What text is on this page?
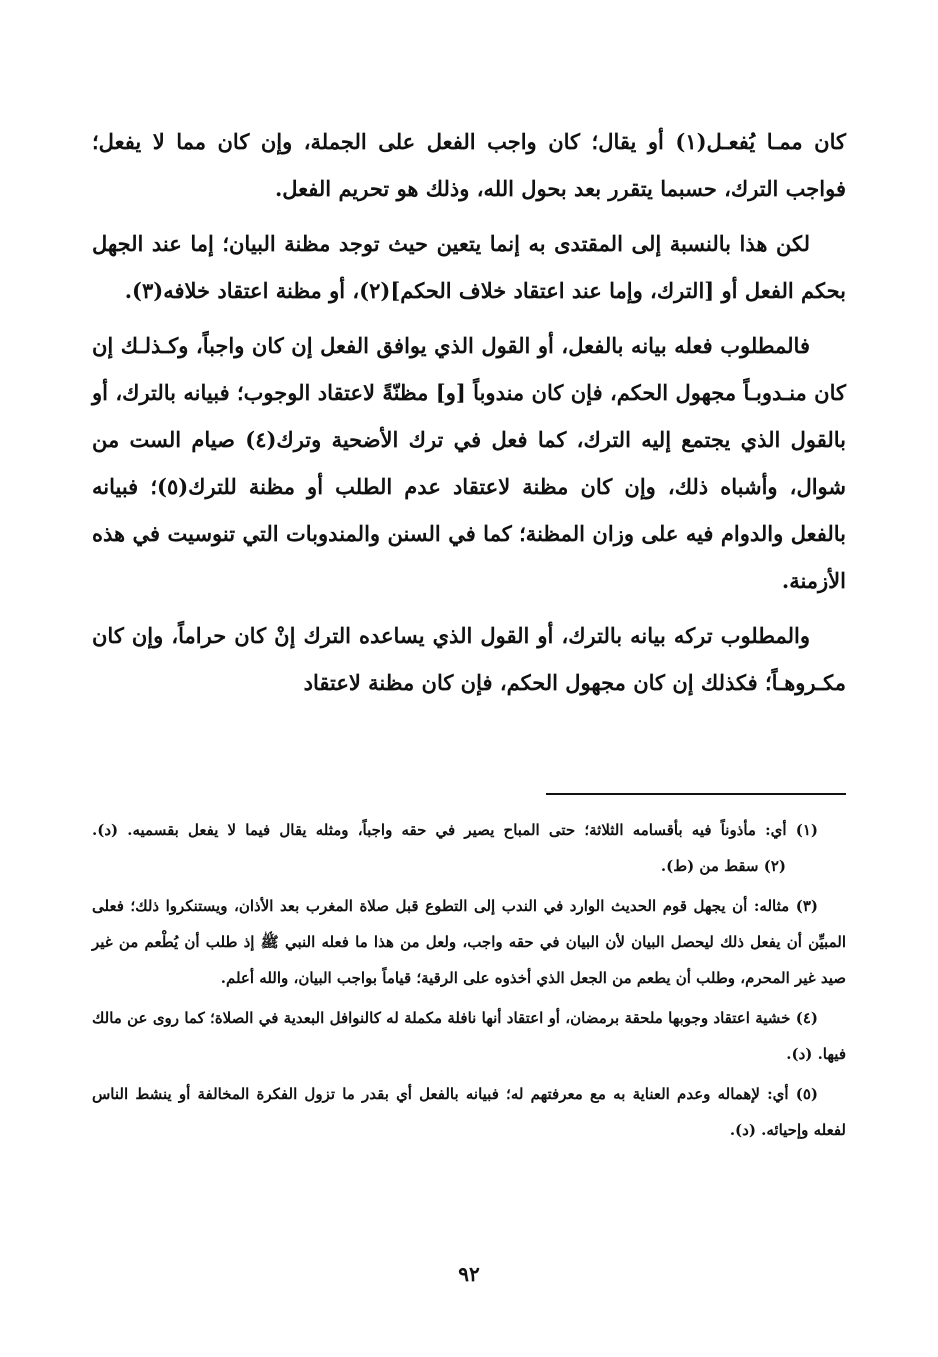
كان ممـا يُفعـل(١) أو يقال؛ كان واجب الفعل على الجملة، وإن كان مما لا يفعل؛ فواجب الترك، حسبما يتقرر بعد بحول الله، وذلك هو تحريم الفعل.

لكن هذا بالنسبة إلى المقتدى به إنما يتعين حيث توجد مظنة البيان؛ إما عند الجهل بحكم الفعل أو [الترك، وإما عند اعتقاد خلاف الحكم](٢)، أو مظنة اعتقاد خلافه(٣).

فالمطلوب فعله بيانه بالفعل، أو القول الذي يوافق الفعل إن كان واجباً، وكـذلـك إن كان منـدوبـاً مجهول الحكم، فإن كان مندوباً [و] مظنّةً لاعتقاد الوجوب؛ فبيانه بالترك، أو بالقول الذي يجتمع إليه الترك، كما فعل في ترك الأضحية وترك(٤) صيام الست من شوال، وأشباه ذلك، وإن كان مظنة لاعتقاد عدم الطلب أو مظنة للترك(٥)؛ فبيانه بالفعل والدوام فيه على وزان المظنة؛ كما في السنن والمندوبات التي تنوسيت في هذه الأزمنة.

والمطلوب تركه بيانه بالترك، أو القول الذي يساعده الترك إنْ كان حراماً، وإن كان مكـروهـاً؛ فكذلك إن كان مجهول الحكم، فإن كان مظنة لاعتقاد

(١) أي: مأذوناً فيه بأقسامه الثلاثة؛ حتى المباح يصير في حقه واجباً، ومثله يقال فيما لا يفعل بقسميه. (د).(٢) سقط من (ط).

(٣) مثاله: أن يجهل قوم الحديث الوارد في الندب إلى التطوع قبل صلاة المغرب بعد الأذان، ويستنكروا ذلك؛ فعلى المبيِّن أن يفعل ذلك ليحصل البيان لأن البيان في حقه واجب، ولعل من هذا ما فعله النبي ﷺ إذ طلب أن يُطْعم من غير صيد غير المحرم، وطلب أن يطعم من الجعل الذي أخذوه على الرقية؛ قياماً بواجب البيان، والله أعلم.

(٤) خشية اعتقاد وجوبها ملحقة برمضان، أو اعتقاد أنها نافلة مكملة له كالنوافل البعدية في الصلاة؛ كما روى عن مالك فيها. (د).

(٥) أي: لإهماله وعدم العناية به مع معرفتهم له؛ فبيانه بالفعل أي بقدر ما تزول الفكرة المخالفة أو ينشط الناس لفعله وإحيائه. (د).

٩٢
